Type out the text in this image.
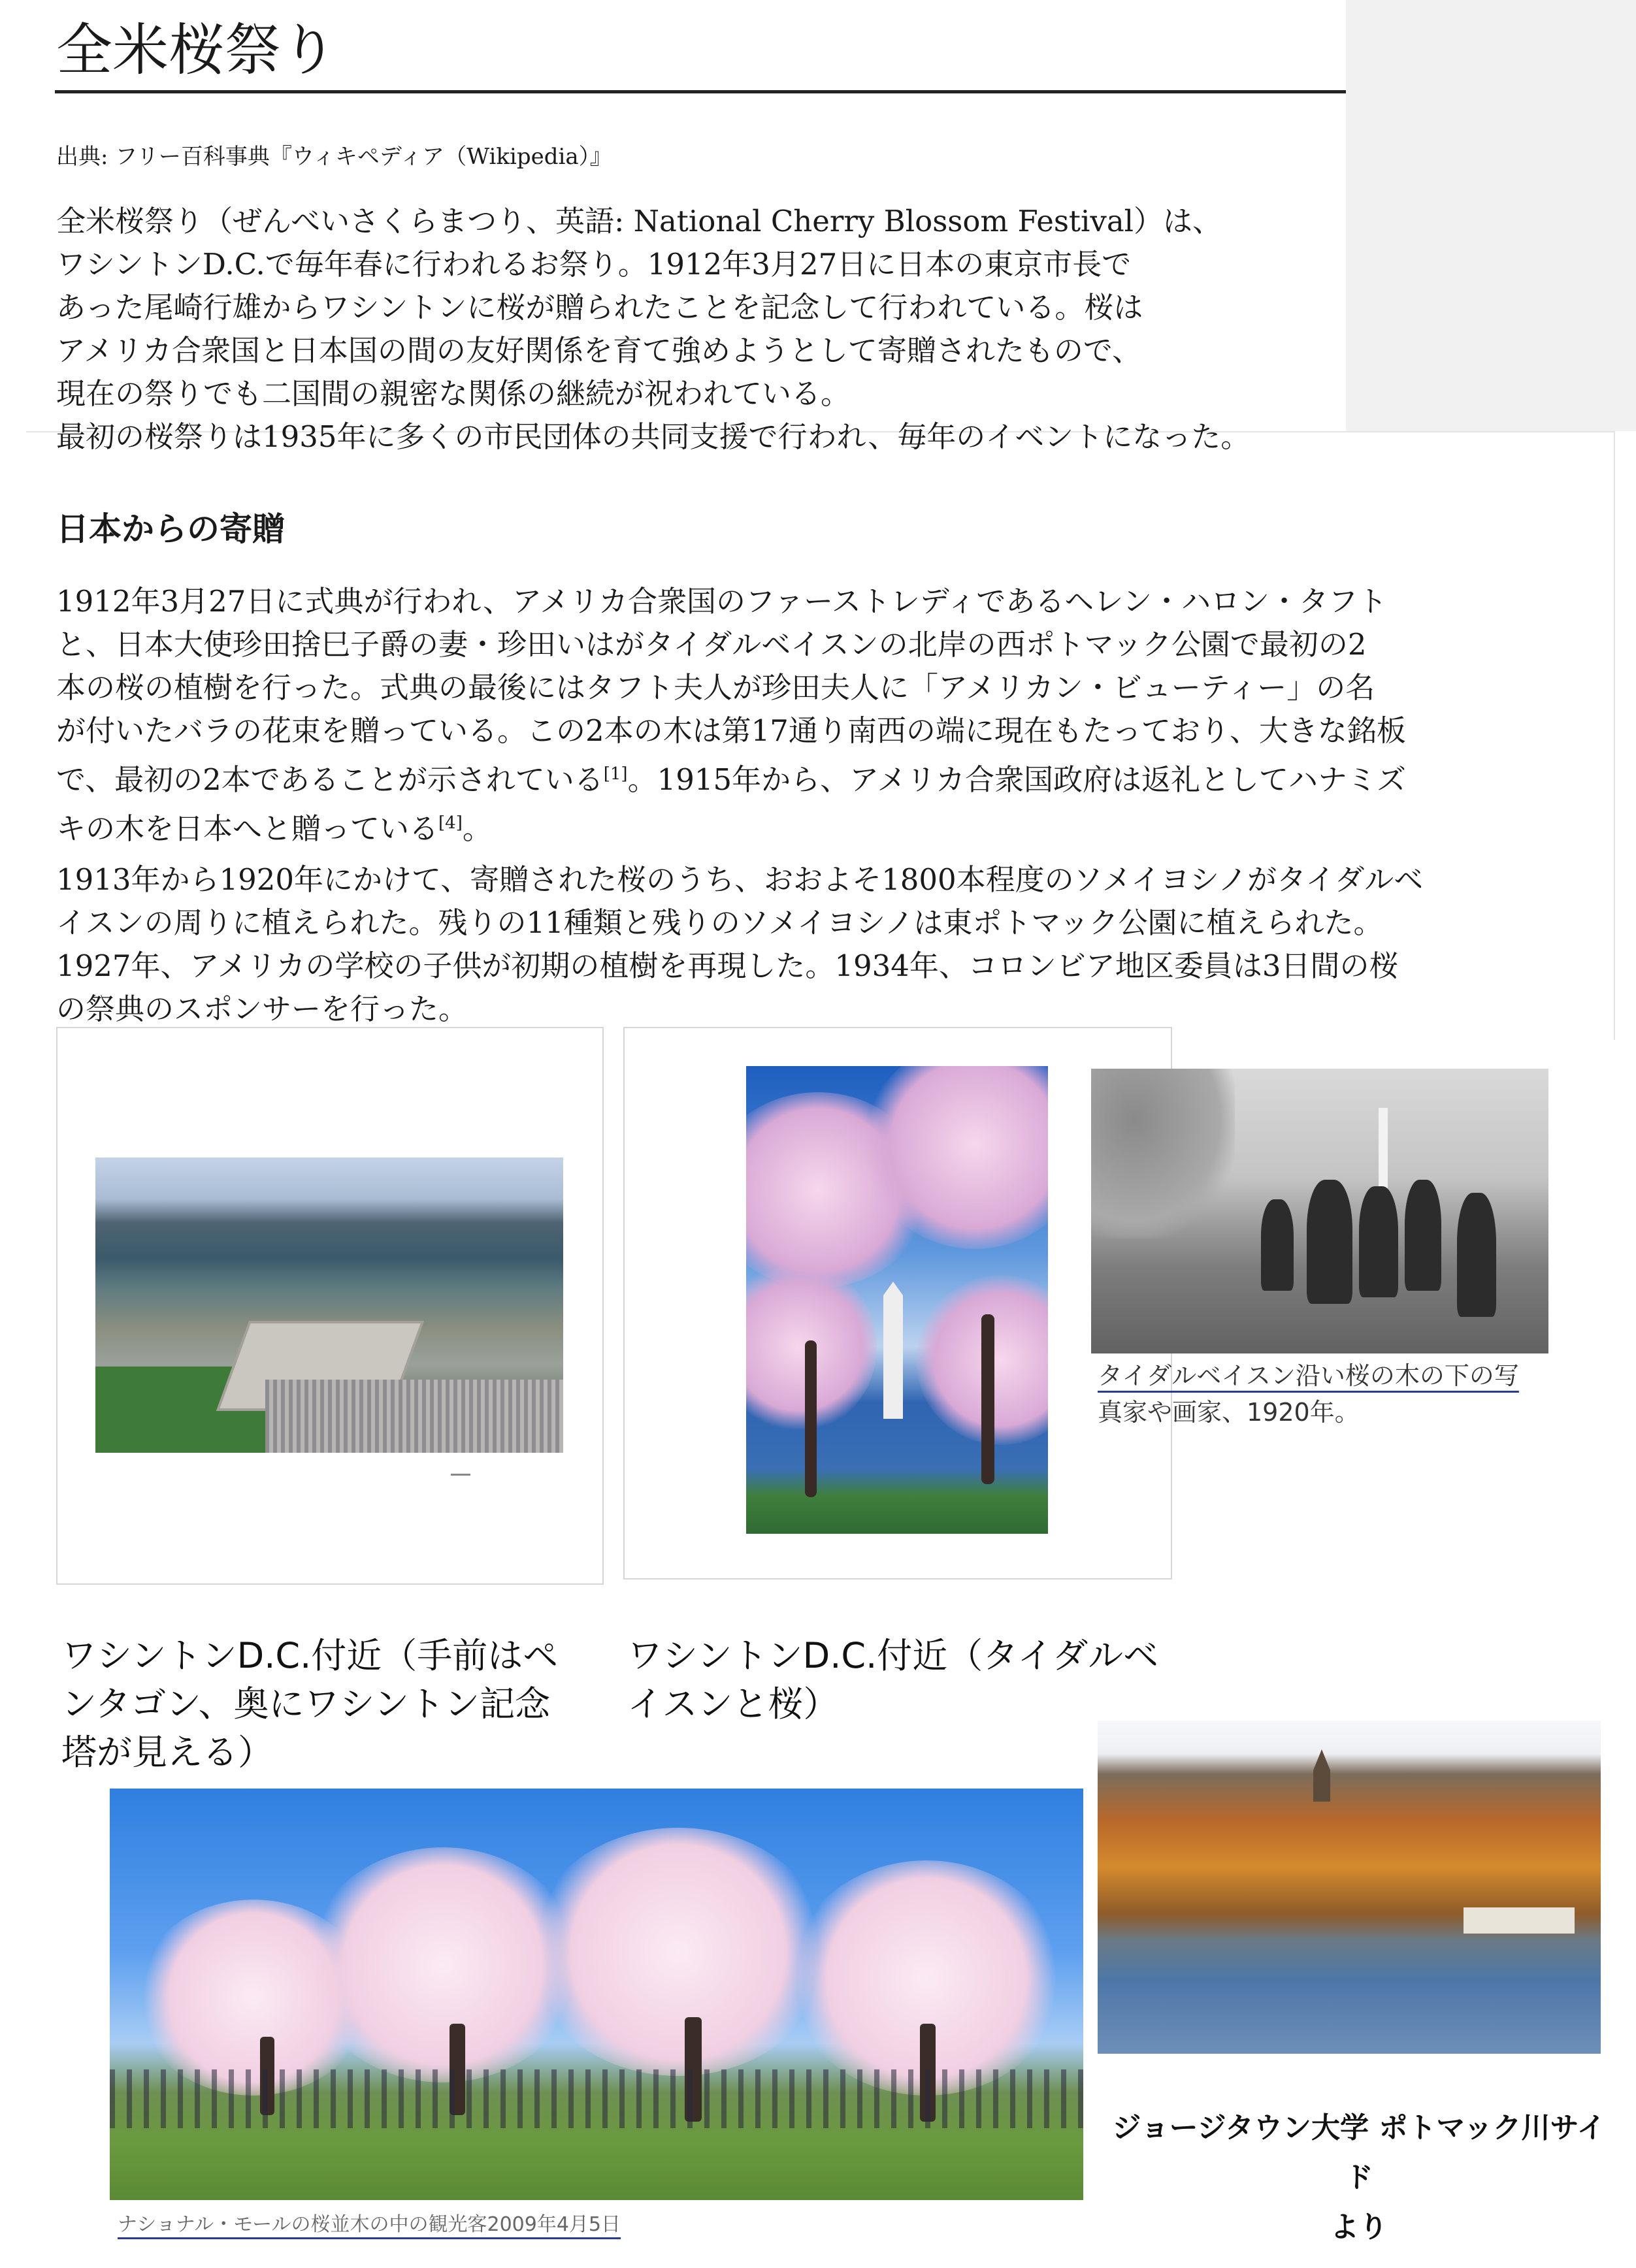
全米桜祭り
出典: フリー百科事典『ウィキペディア（Wikipedia）』
全米桜祭り（ぜんべいさくらまつり、英語: National Cherry Blossom Festival）は、
ワシントンD.C.で毎年春に行われるお祭り。1912年3月27日に日本の東京市長で
あった尾崎行雄からワシントンに桜が贈られたことを記念して行われている。桜は
アメリカ合衆国と日本国の間の友好関係を育て強めようとして寄贈されたもので、
現在の祭りでも二国間の親密な関係の継続が祝われている。
最初の桜祭りは1935年に多くの市民団体の共同支援で行われ、毎年のイベントになった。
日本からの寄贈
1912年3月27日に式典が行われ、アメリカ合衆国のファーストレディであるヘレン・ハロン・タフト
と、日本大使珍田捨巳子爵の妻・珍田いはがタイダルベイスンの北岸の西ポトマック公園で最初の2
本の桜の植樹を行った。式典の最後にはタフト夫人が珍田夫人に「アメリカン・ビューティー」の名
が付いたバラの花束を贈っている。この2本の木は第17通り南西の端に現在もたっており、大きな銘板
で、最初の2本であることが示されている[1]。1915年から、アメリカ合衆国政府は返礼としてハナミズ
キの木を日本へと贈っている[4]。
1913年から1920年にかけて、寄贈された桜のうち、おおよそ1800本程度のソメイヨシノがタイダルベ
イスンの周りに植えられた。残りの11種類と残りのソメイヨシノは東ポトマック公園に植えられた。
1927年、アメリカの学校の子供が初期の植樹を再現した。1934年、コロンビア地区委員は3日間の桜
の祭典のスポンサーを行った。

タイダルベイスン沿い桜の木の下の写
真家や画家、1920年。

ワシントンD.C.付近（手前はペ
ンタゴン、奥にワシントン記念
塔が見える）

ワシントンD.C.付近（タイダルベ
イスンと桜）

ナショナル・モールの桜並木の中の観光客2009年4月5日

ジョージタウン大学 ポトマック川サイド
より
